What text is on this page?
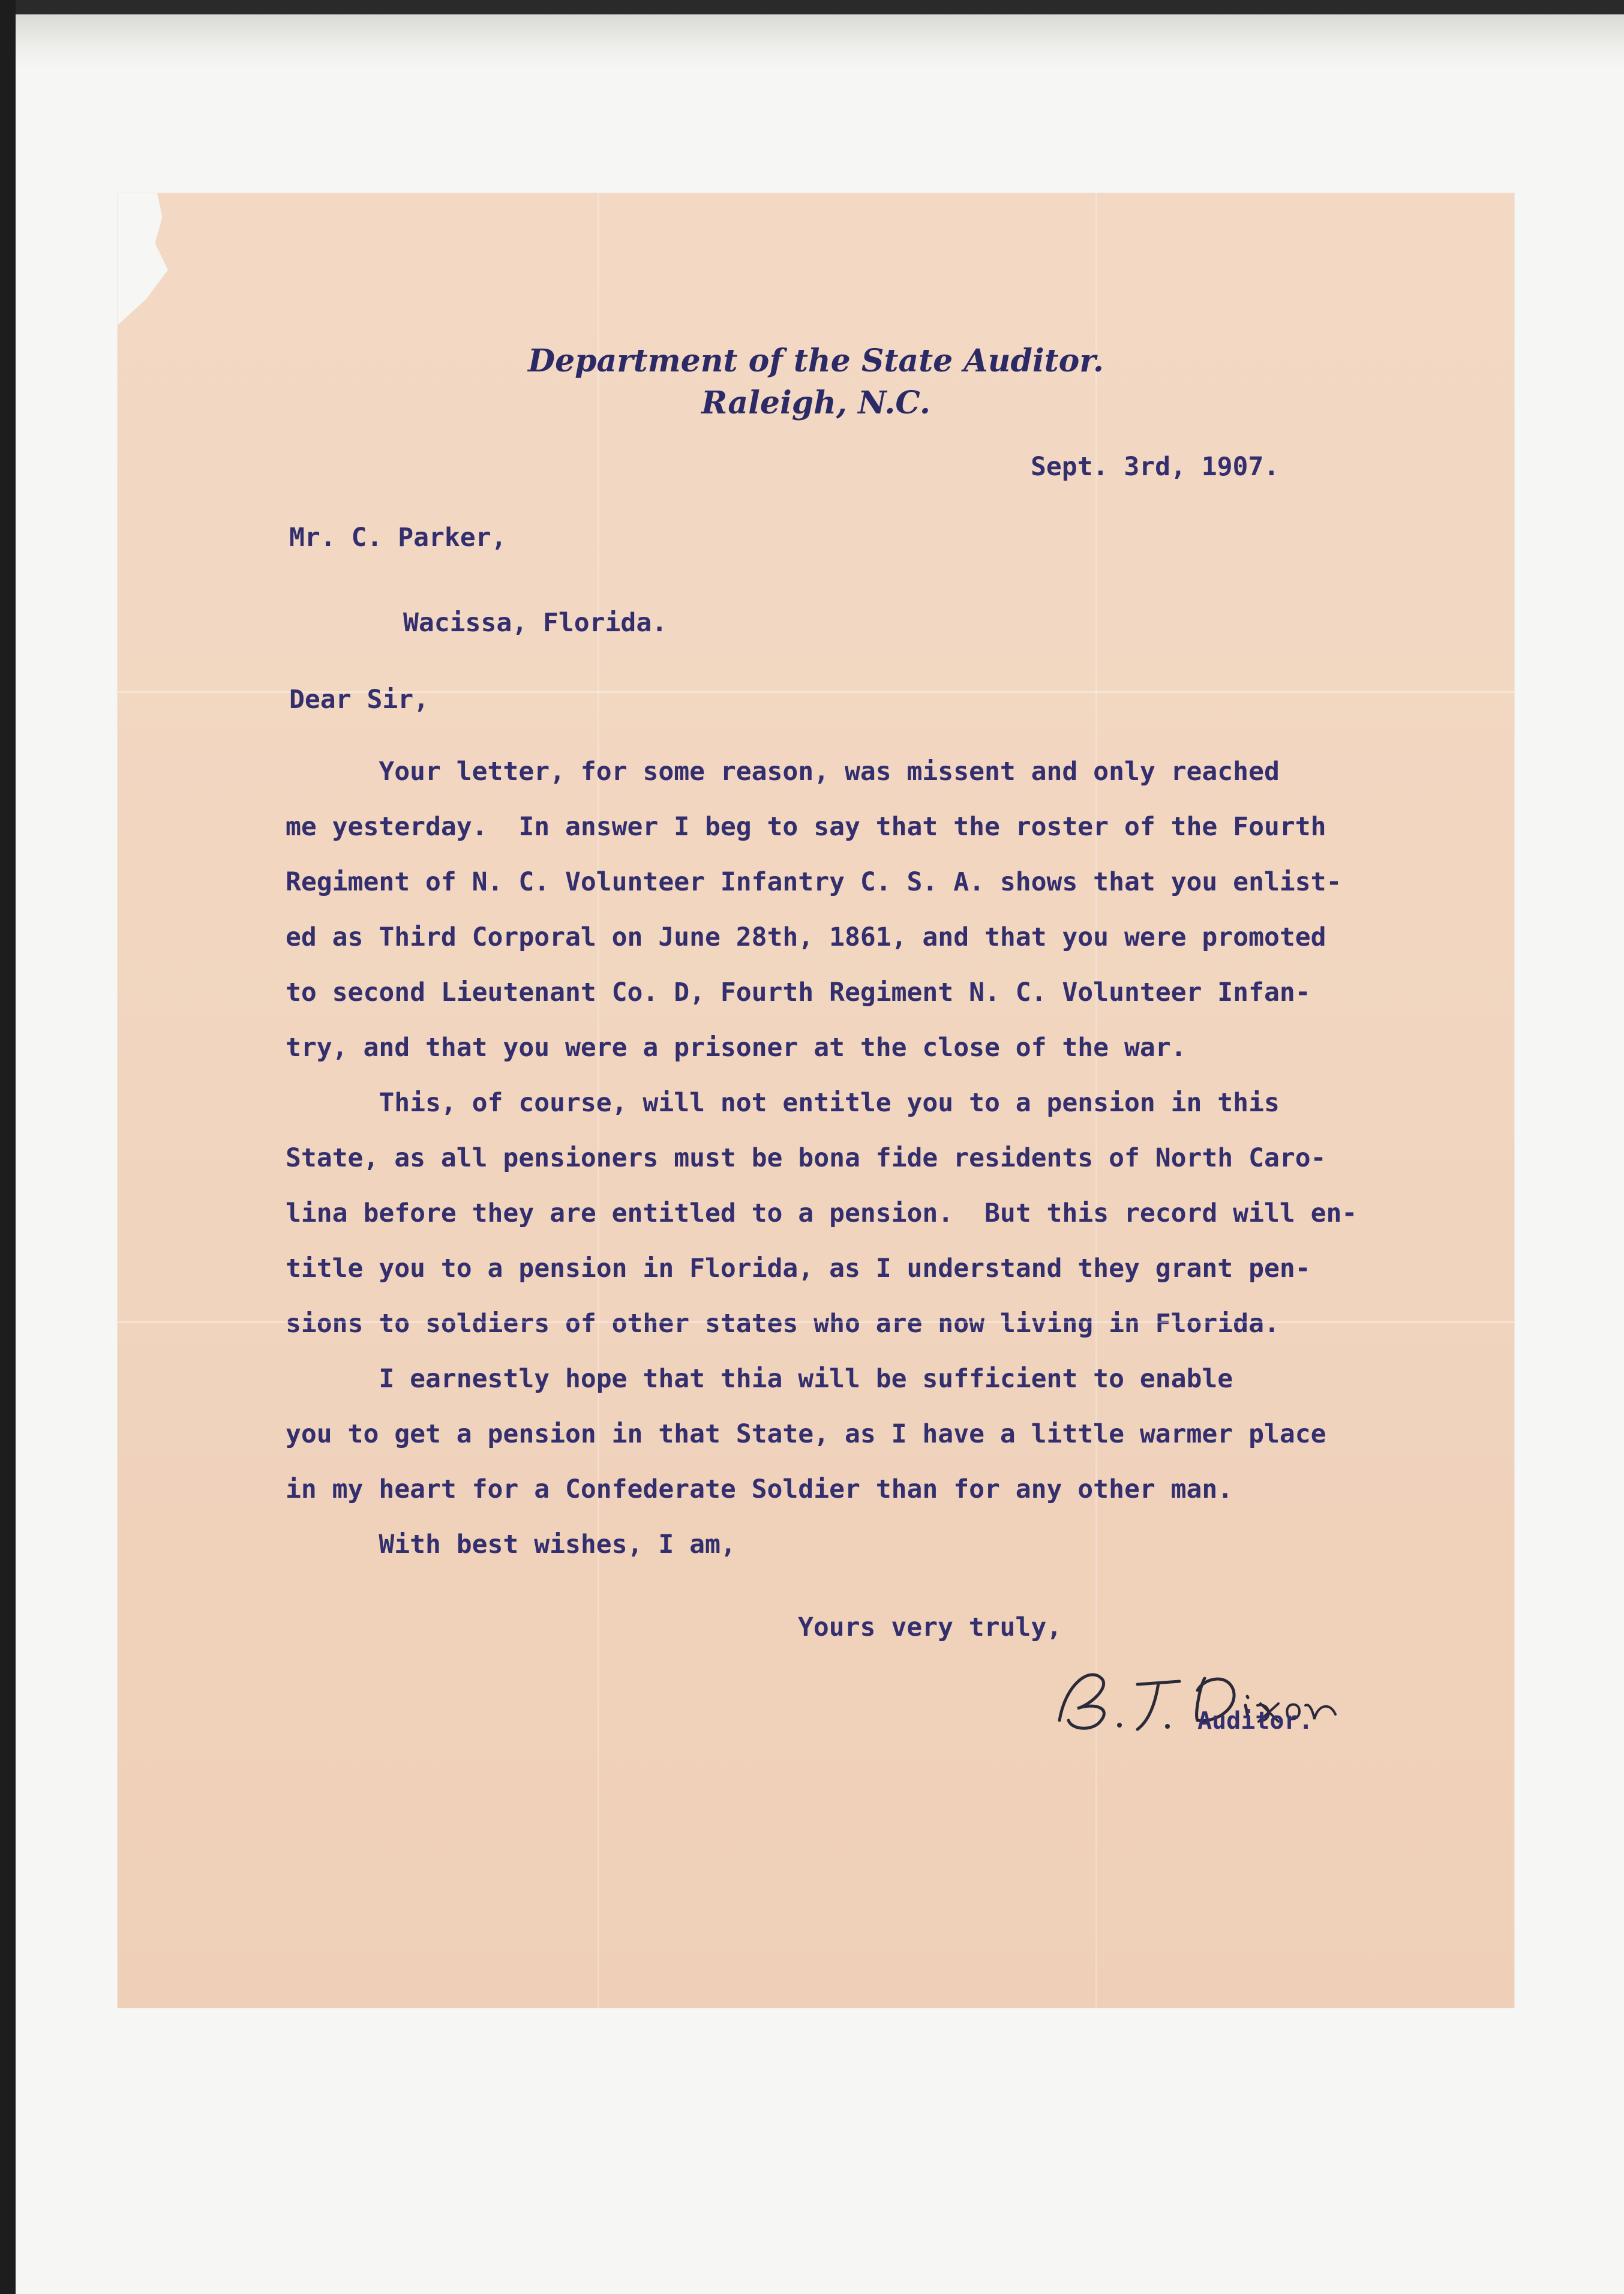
Department of the State Auditor.
Raleigh, N.C.
Sept. 3rd, 1907.
Mr. C. Parker,
Wacissa, Florida.
Dear Sir,
Your letter, for some reason, was missent and only reached
me yesterday.  In answer I beg to say that the roster of the Fourth
Regiment of N. C. Volunteer Infantry C. S. A. shows that you enlist-
ed as Third Corporal on June 28th, 1861, and that you were promoted
to second Lieutenant Co. D, Fourth Regiment N. C. Volunteer Infan-
try, and that you were a prisoner at the close of the war.
This, of course, will not entitle you to a pension in this
State, as all pensioners must be bona fide residents of North Caro-
lina before they are entitled to a pension.  But this record will en-
title you to a pension in Florida, as I understand they grant pen-
sions to soldiers of other states who are now living in Florida.
I earnestly hope that thia will be sufficient to enable
you to get a pension in that State, as I have a little warmer place
in my heart for a Confederate Soldier than for any other man.
With best wishes, I am,
Yours very truly,
Auditor.
